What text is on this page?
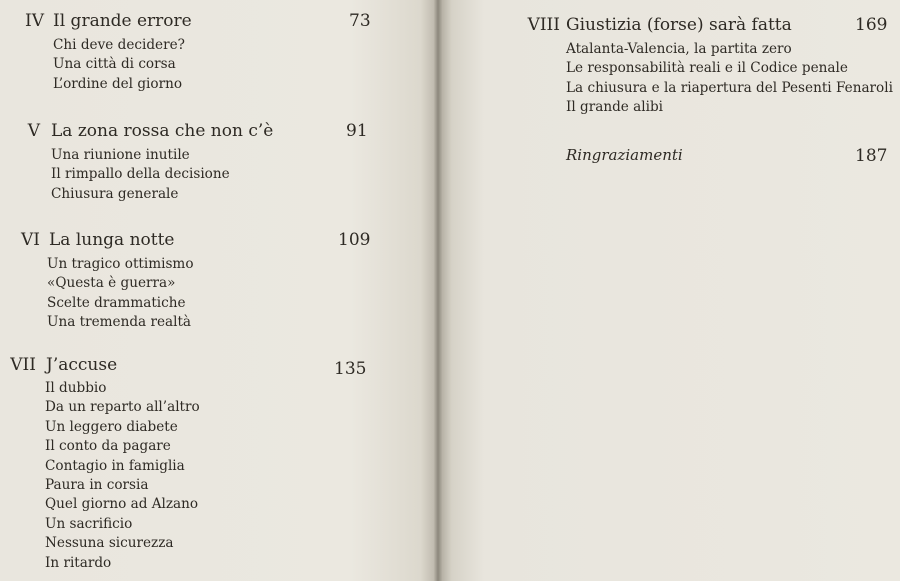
IV Il grande errore	73
Chi deve decidere?
Una città di corsa
L’ordine del giorno
V La zona rossa che non c’è	91
Una riunione inutile
Il rimpallo della decisione
Chiusura generale
VI La lunga notte	109
Un tragico ottimismo
«Questa è guerra»
Scelte drammatiche
Una tremenda realtà
VII J’accuse	135
Il dubbio
Da un reparto all’altro
Un leggero diabete
Il conto da pagare
Contagio in famiglia
Paura in corsia
Quel giorno ad Alzano
Un sacrificio
Nessuna sicurezza
In ritardo
VIII Giustizia (forse) sarà fatta	169
Atalanta-Valencia, la partita zero
Le responsabilità reali e il Codice penale
La chiusura e la riapertura del Pesenti Fenaroli
Il grande alibi
Ringraziamenti	187
